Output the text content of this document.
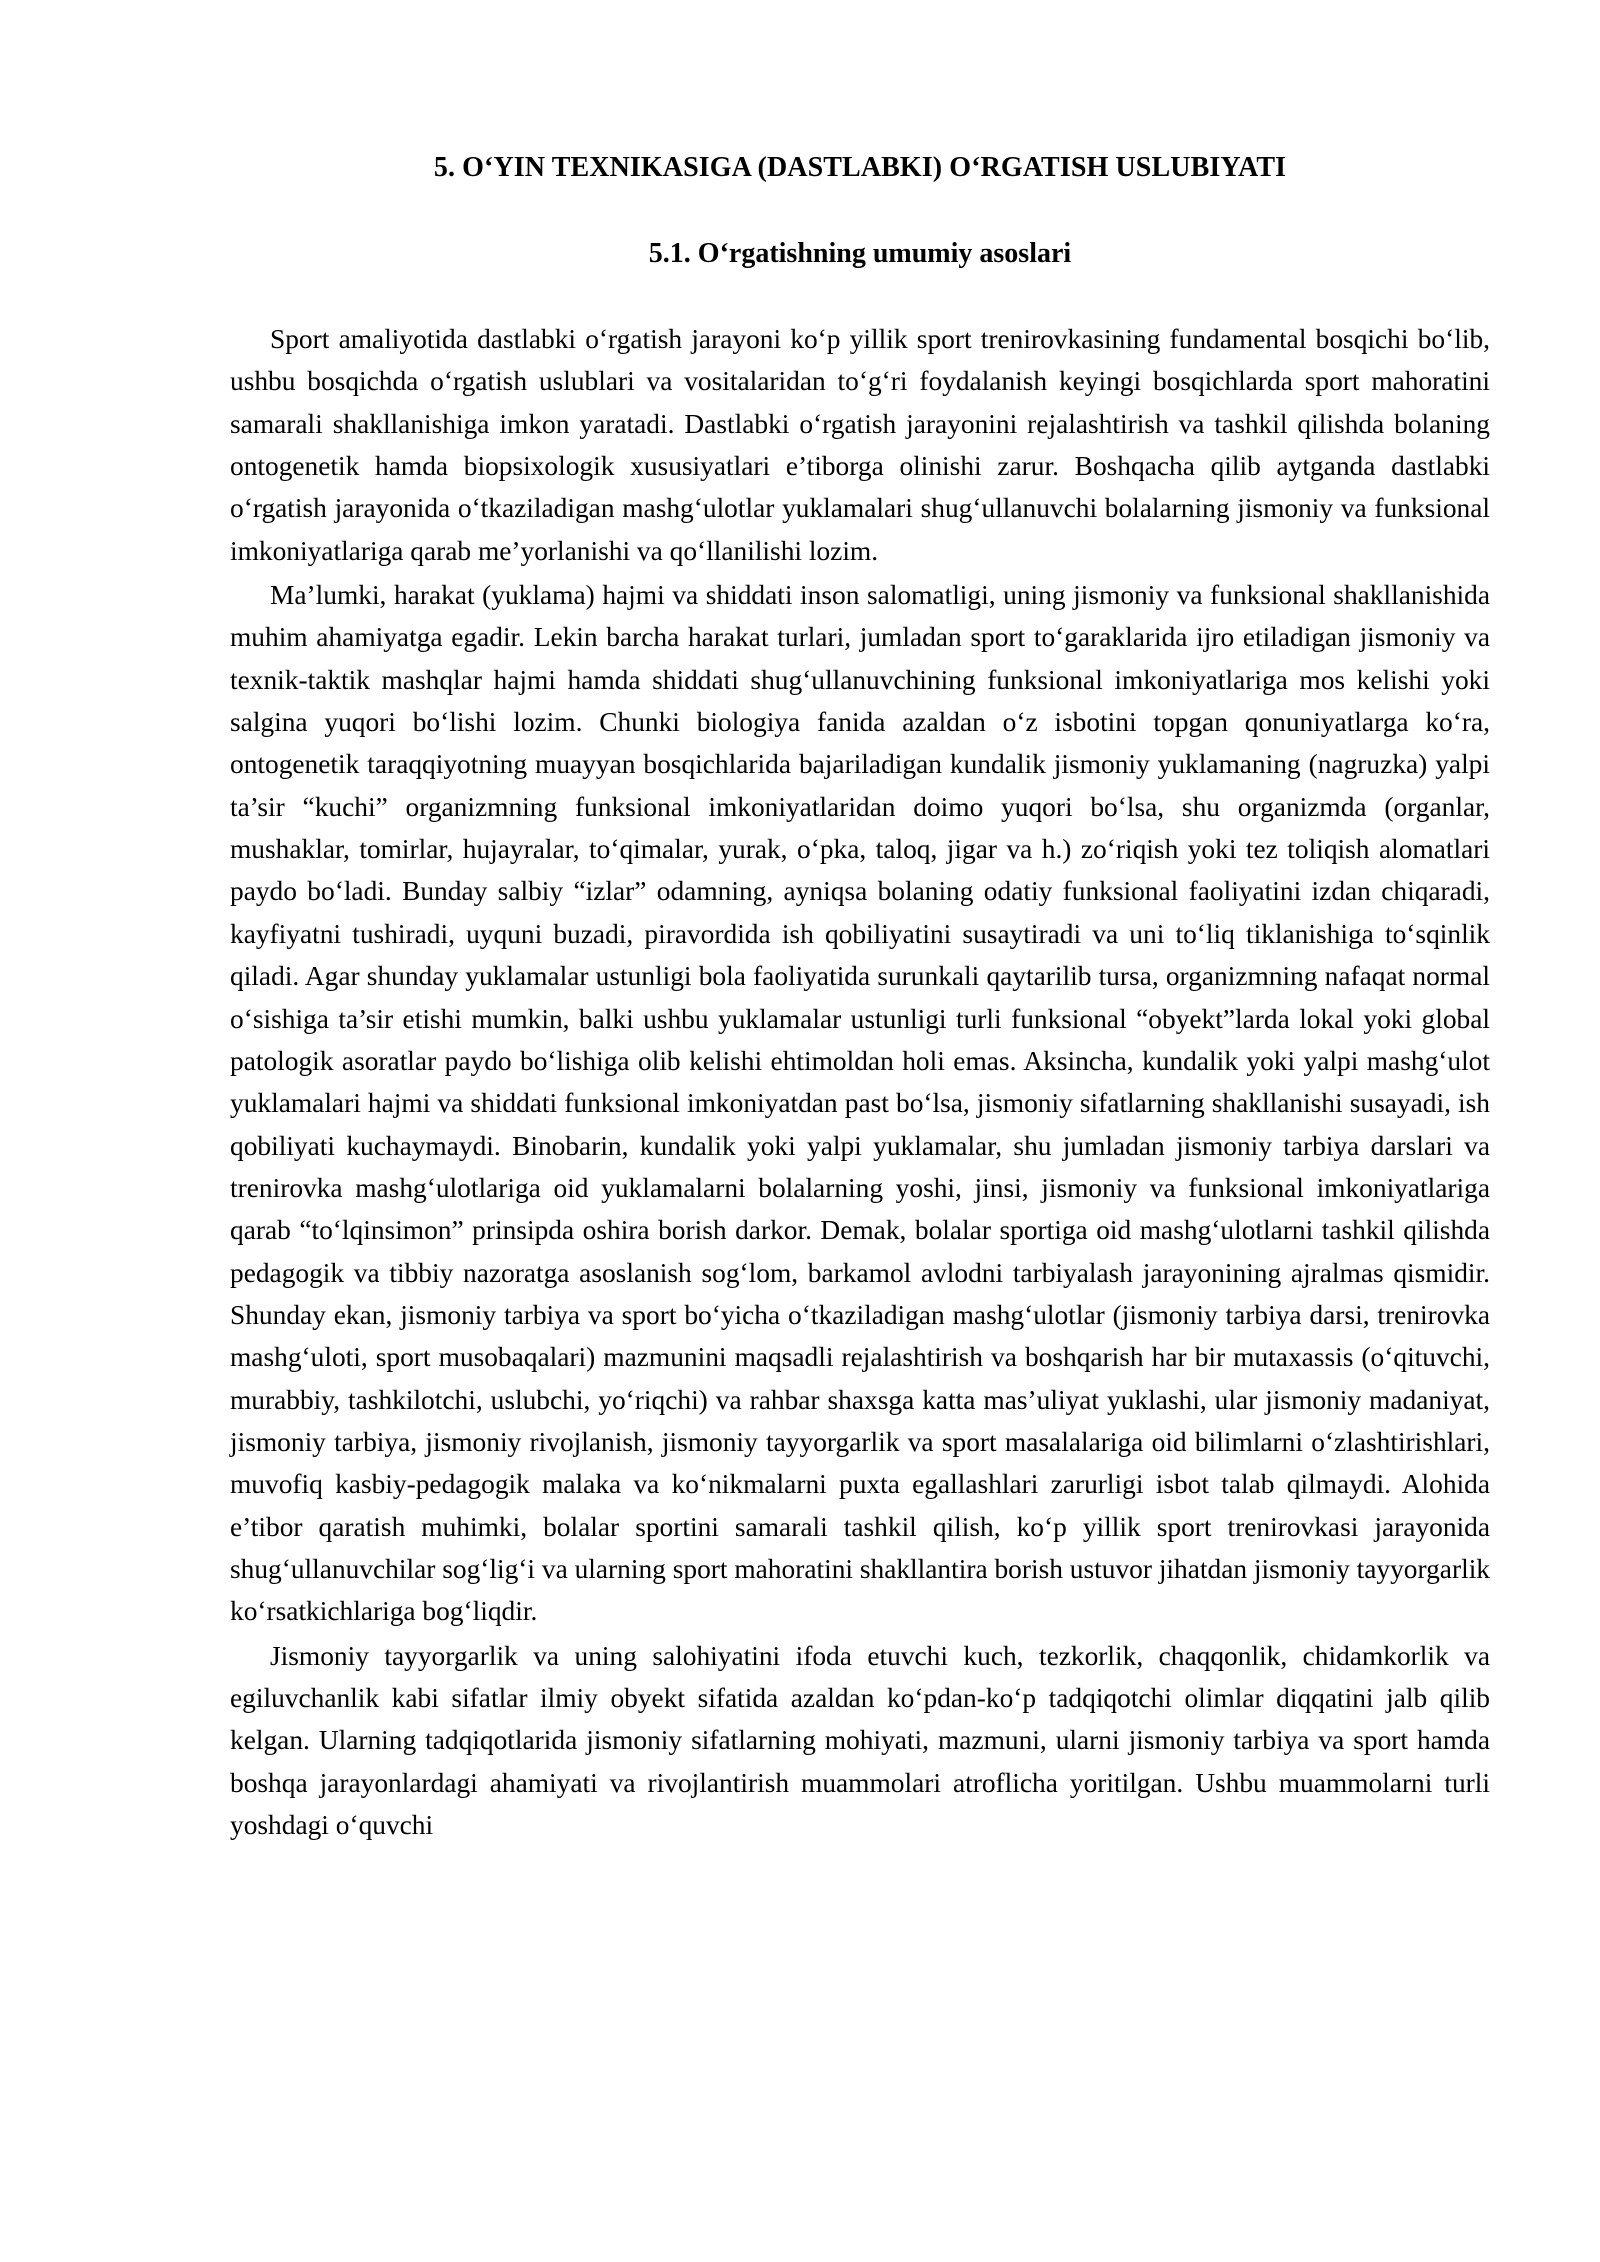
5. O‘YIN TEXNIKASIGA (DASTLABKI) O‘RGATISH USLUBIYATI
5.1. O‘rgatishning umumiy asoslari

Sport amaliyotida dastlabki o‘rgatish jarayoni ko‘p yillik sport trenirovkasining fundamental bosqichi bo‘lib, ushbu bosqichda o‘rgatish uslublari va vositalaridan to‘g‘ri foydalanish keyingi bosqichlarda sport mahoratini samarali shakllanishiga imkon yaratadi. Dastlabki o‘rgatish jarayonini rejalashtirish va tashkil qilishda bolaning ontogenetik hamda biopsixologik xususiyatlari e’tiborga olinishi zarur. Boshqacha qilib aytganda dastlabki o‘rgatish jarayonida o‘tkaziladigan mashg‘ulotlar yuklamalari shug‘ullanuvchi bolalarning jismoniy va funksional imkoniyatlariga qarab me’yorlanishi va qo‘llanilishi lozim.

Ma’lumki, harakat (yuklama) hajmi va shiddati inson salomatligi, uning jismoniy va funksional shakllanishida muhim ahamiyatga egadir. Lekin barcha harakat turlari, jumladan sport to‘garaklarida ijro etiladigan jismoniy va texnik-taktik mashqlar hajmi hamda shiddati shug‘ullanuvchining funksional imkoniyatlariga mos kelishi yoki salgina yuqori bo‘lishi lozim. Chunki biologiya fanida azaldan o‘z isbotini topgan qonuniyatlarga ko‘ra, ontogenetik taraqqiyotning muayyan bosqichlarida bajariladigan kundalik jismoniy yuklamaning (nagruzka) yalpi ta’sir “kuchi” organizmning funksional imkoniyatlaridan doimo yuqori bo‘lsa, shu organizmda (organlar, mushaklar, tomirlar, hujayralar, to‘qimalar, yurak, o‘pka, taloq, jigar va h.) zo‘riqish yoki tez toliqish alomatlari paydo bo‘ladi. Bunday salbiy “izlar” odamning, ayniqsa bolaning odatiy funksional faoliyatini izdan chiqaradi, kayfiyatni tushiradi, uyquni buzadi, piravordida ish qobiliyatini susaytiradi va uni to‘liq tiklanishiga to‘sqinlik qiladi. Agar shunday yuklamalar ustunligi bola faoliyatida surunkali qaytarilib tursa, organizmning nafaqat normal o‘sishiga ta’sir etishi mumkin, balki ushbu yuklamalar ustunligi turli funksional “obyekt”larda lokal yoki global patologik asoratlar paydo bo‘lishiga olib kelishi ehtimoldan holi emas. Aksincha, kundalik yoki yalpi mashg‘ulot yuklamalari hajmi va shiddati funksional imkoniyatdan past bo‘lsa, jismoniy sifatlarning shakllanishi susayadi, ish qobiliyati kuchaymaydi. Binobarin, kundalik yoki yalpi yuklamalar, shu jumladan jismoniy tarbiya darslari va trenirovka mashg‘ulotlariga oid yuklamalarni bolalarning yoshi, jinsi, jismoniy va funksional imkoniyatlariga qarab “to‘lqinsimon” prinsipda oshira borish darkor. Demak, bolalar sportiga oid mashg‘ulotlarni tashkil qilishda pedagogik va tibbiy nazoratga asoslanish sog‘lom, barkamol avlodni tarbiyalash jarayonining ajralmas qismidir. Shunday ekan, jismoniy tarbiya va sport bo‘yicha o‘tkaziladigan mashg‘ulotlar (jismoniy tarbiya darsi, trenirovka mashg‘uloti, sport musobaqalari) mazmunini maqsadli rejalashtirish va boshqarish har bir mutaxassis (o‘qituvchi, murabbiy, tashkilotchi, uslubchi, yo‘riqchi) va rahbar shaxsga katta mas’uliyat yuklashi, ular jismoniy madaniyat, jismoniy tarbiya, jismoniy rivojlanish, jismoniy tayyorgarlik va sport masalalariga oid bilimlarni o‘zlashtirishlari, muvofiq kasbiy-pedagogik malaka va ko‘nikmalarni puxta egallashlari zarurligi isbot talab qilmaydi. Alohida e’tibor qaratish muhimki, bolalar sportini samarali tashkil qilish, ko‘p yillik sport trenirovkasi jarayonida shug‘ullanuvchilar sog‘lig‘i va ularning sport mahoratini shakllantira borish ustuvor jihatdan jismoniy tayyorgarlik ko‘rsatkichlariga bog‘liqdir.

Jismoniy tayyorgarlik va uning salohiyatini ifoda etuvchi kuch, tezkorlik, chaqqonlik, chidamkorlik va egiluvchanlik kabi sifatlar ilmiy obyekt sifatida azaldan ko‘pdan-ko‘p tadqiqotchi olimlar diqqatini jalb qilib kelgan. Ularning tadqiqotlarida jismoniy sifatlarning mohiyati, mazmuni, ularni jismoniy tarbiya va sport hamda boshqa jarayonlardagi ahamiyati va rivojlantirish muammolari atroflicha yoritilgan. Ushbu muammolarni turli yoshdagi o‘quvchi
